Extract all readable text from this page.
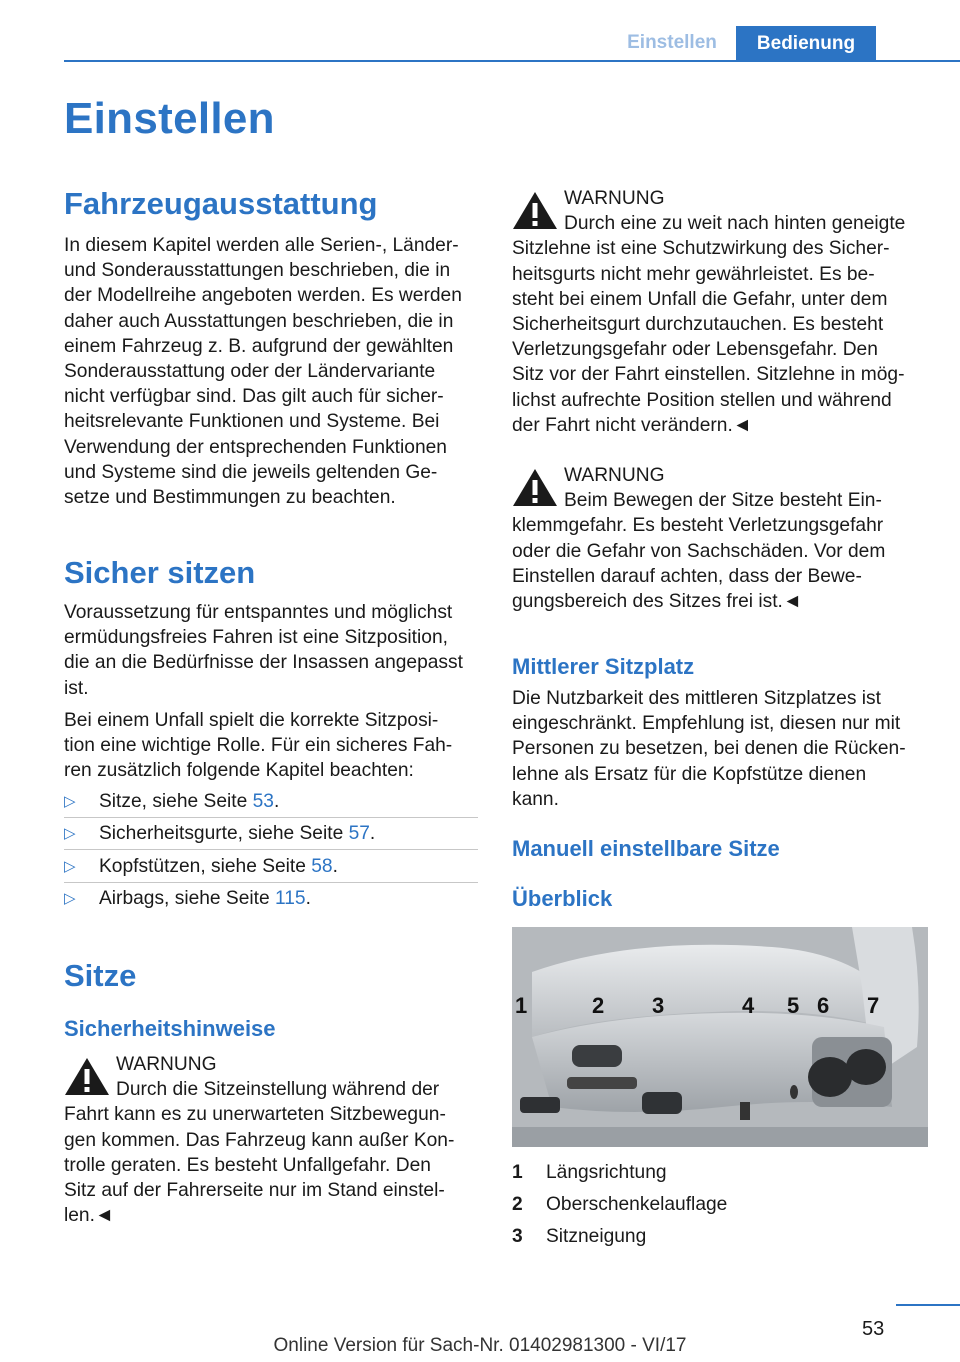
Einstellen	Bedienung
Einstellen
Fahrzeugausstattung
In diesem Kapitel werden alle Serien-, Länder-
und Sonderausstattungen beschrieben, die in
der Modellreihe angeboten werden. Es werden
daher auch Ausstattungen beschrieben, die in
einem Fahrzeug z. B. aufgrund der gewählten
Sonderausstattung oder der Ländervariante
nicht verfügbar sind. Das gilt auch für sicher-
heitsrelevante Funktionen und Systeme. Bei
Verwendung der entsprechenden Funktionen
und Systeme sind die jeweils geltenden Ge-
setze und Bestimmungen zu beachten.
Sicher sitzen
Voraussetzung für entspanntes und möglichst
ermüdungsfreies Fahren ist eine Sitzposition,
die an die Bedürfnisse der Insassen angepasst
ist.
Bei einem Unfall spielt die korrekte Sitzposi-
tion eine wichtige Rolle. Für ein sicheres Fah-
ren zusätzlich folgende Kapitel beachten:
▷ Sitze, siehe Seite 53.
▷ Sicherheitsgurte, siehe Seite 57.
▷ Kopfstützen, siehe Seite 58.
▷ Airbags, siehe Seite 115.
Sitze
Sicherheitshinweise
WARNUNG
Durch die Sitzeinstellung während der
Fahrt kann es zu unerwarteten Sitzbewegun-
gen kommen. Das Fahrzeug kann außer Kon-
trolle geraten. Es besteht Unfallgefahr. Den
Sitz auf der Fahrerseite nur im Stand einstel-
len.◄
WARNUNG
Durch eine zu weit nach hinten geneigte
Sitzlehne ist eine Schutzwirkung des Sicher-
heitsgurts nicht mehr gewährleistet. Es be-
steht bei einem Unfall die Gefahr, unter dem
Sicherheitsgurt durchzutauchen. Es besteht
Verletzungsgefahr oder Lebensgefahr. Den
Sitz vor der Fahrt einstellen. Sitzlehne in mög-
lichst aufrechte Position stellen und während
der Fahrt nicht verändern.◄
WARNUNG
Beim Bewegen der Sitze besteht Ein-
klemmgefahr. Es besteht Verletzungsgefahr
oder die Gefahr von Sachschäden. Vor dem
Einstellen darauf achten, dass der Bewe-
gungsbereich des Sitzes frei ist.◄
Mittlerer Sitzplatz
Die Nutzbarkeit des mittleren Sitzplatzes ist
eingeschränkt. Empfehlung ist, diesen nur mit
Personen zu besetzen, bei denen die Rücken-
lehne als Ersatz für die Kopfstütze dienen
kann.
Manuell einstellbare Sitze
Überblick
1	2 3	4 5 6 7
1 Längsrichtung
2 Oberschenkelauflage
3 Sitzneigung
53
Online Version für Sach-Nr. 01402981300 - VI/17
